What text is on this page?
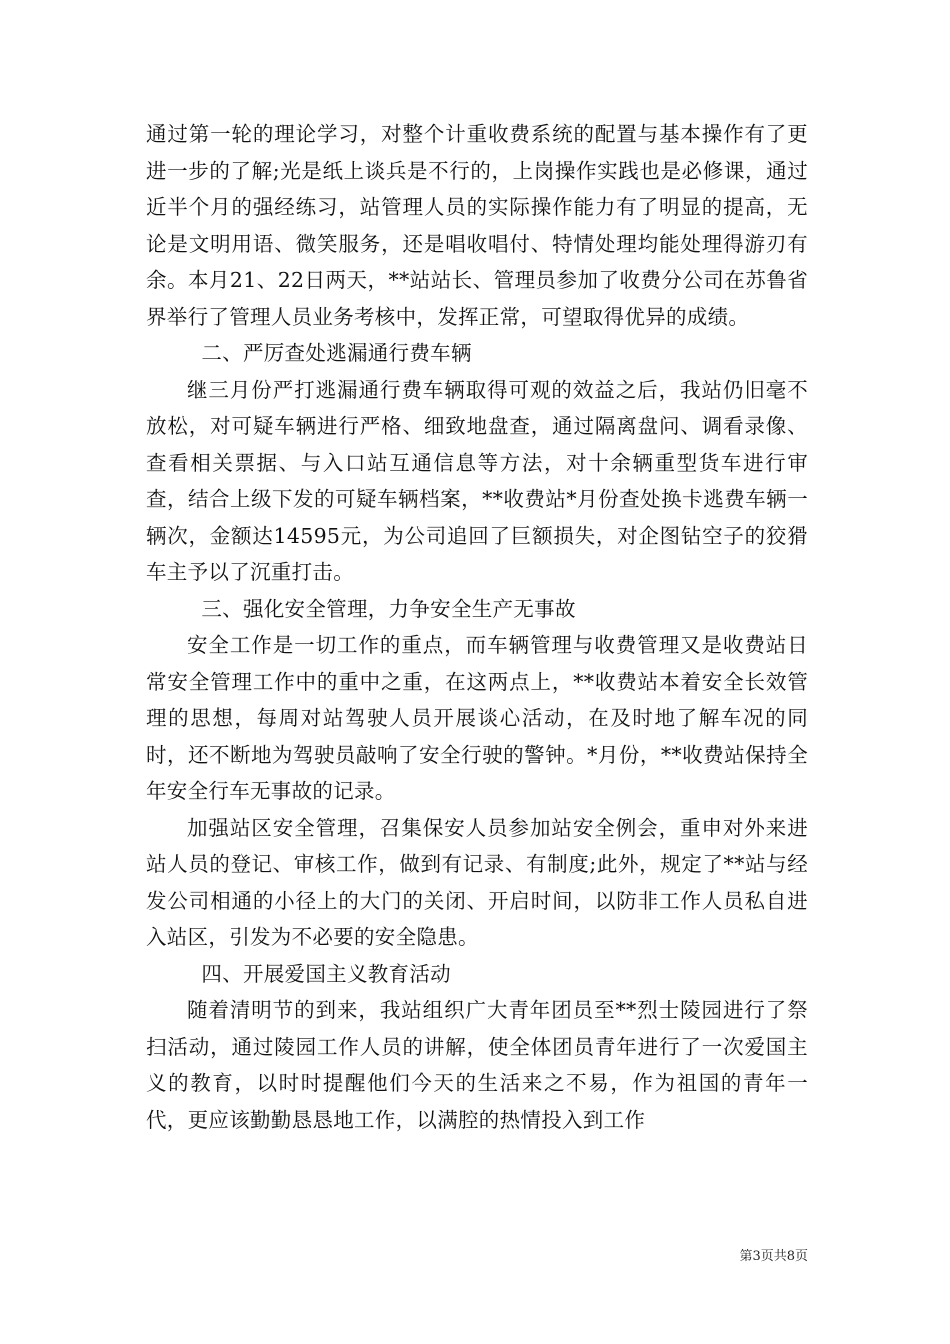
通过第一轮的理论学习，对整个计重收费系统的配置与基本操作有了更进一步的了解;光是纸上谈兵是不行的，上岗操作实践也是必修课，通过近半个月的强经练习，站管理人员的实际操作能力有了明显的提高，无论是文明用语、微笑服务，还是唱收唱付、特情处理均能处理得游刃有余。本月21、22日两天，**站站长、管理员参加了收费分公司在苏鲁省界举行了管理人员业务考核中，发挥正常，可望取得优异的成绩。

二、严厉查处逃漏通行费车辆

继三月份严打逃漏通行费车辆取得可观的效益之后，我站仍旧毫不放松，对可疑车辆进行严格、细致地盘查，通过隔离盘问、调看录像、查看相关票据、与入口站互通信息等方法，对十余辆重型货车进行审查，结合上级下发的可疑车辆档案，**收费站*月份查处换卡逃费车辆一辆次，金额达14595元，为公司追回了巨额损失，对企图钻空子的狡猾车主予以了沉重打击。

三、强化安全管理，力争安全生产无事故

安全工作是一切工作的重点，而车辆管理与收费管理又是收费站日常安全管理工作中的重中之重，在这两点上，**收费站本着安全长效管理的思想，每周对站驾驶人员开展谈心活动，在及时地了解车况的同时，还不断地为驾驶员敲响了安全行驶的警钟。*月份，**收费站保持全年安全行车无事故的记录。

加强站区安全管理，召集保安人员参加站安全例会，重申对外来进站人员的登记、审核工作，做到有记录、有制度;此外，规定了**站与经发公司相通的小径上的大门的关闭、开启时间，以防非工作人员私自进入站区，引发为不必要的安全隐患。

四、开展爱国主义教育活动

随着清明节的到来，我站组织广大青年团员至**烈士陵园进行了祭扫活动，通过陵园工作人员的讲解，使全体团员青年进行了一次爱国主义的教育，以时时提醒他们今天的生活来之不易，作为祖国的青年一代，更应该勤勤恳恳地工作，以满腔的热情投入到工作

第3页共8页
